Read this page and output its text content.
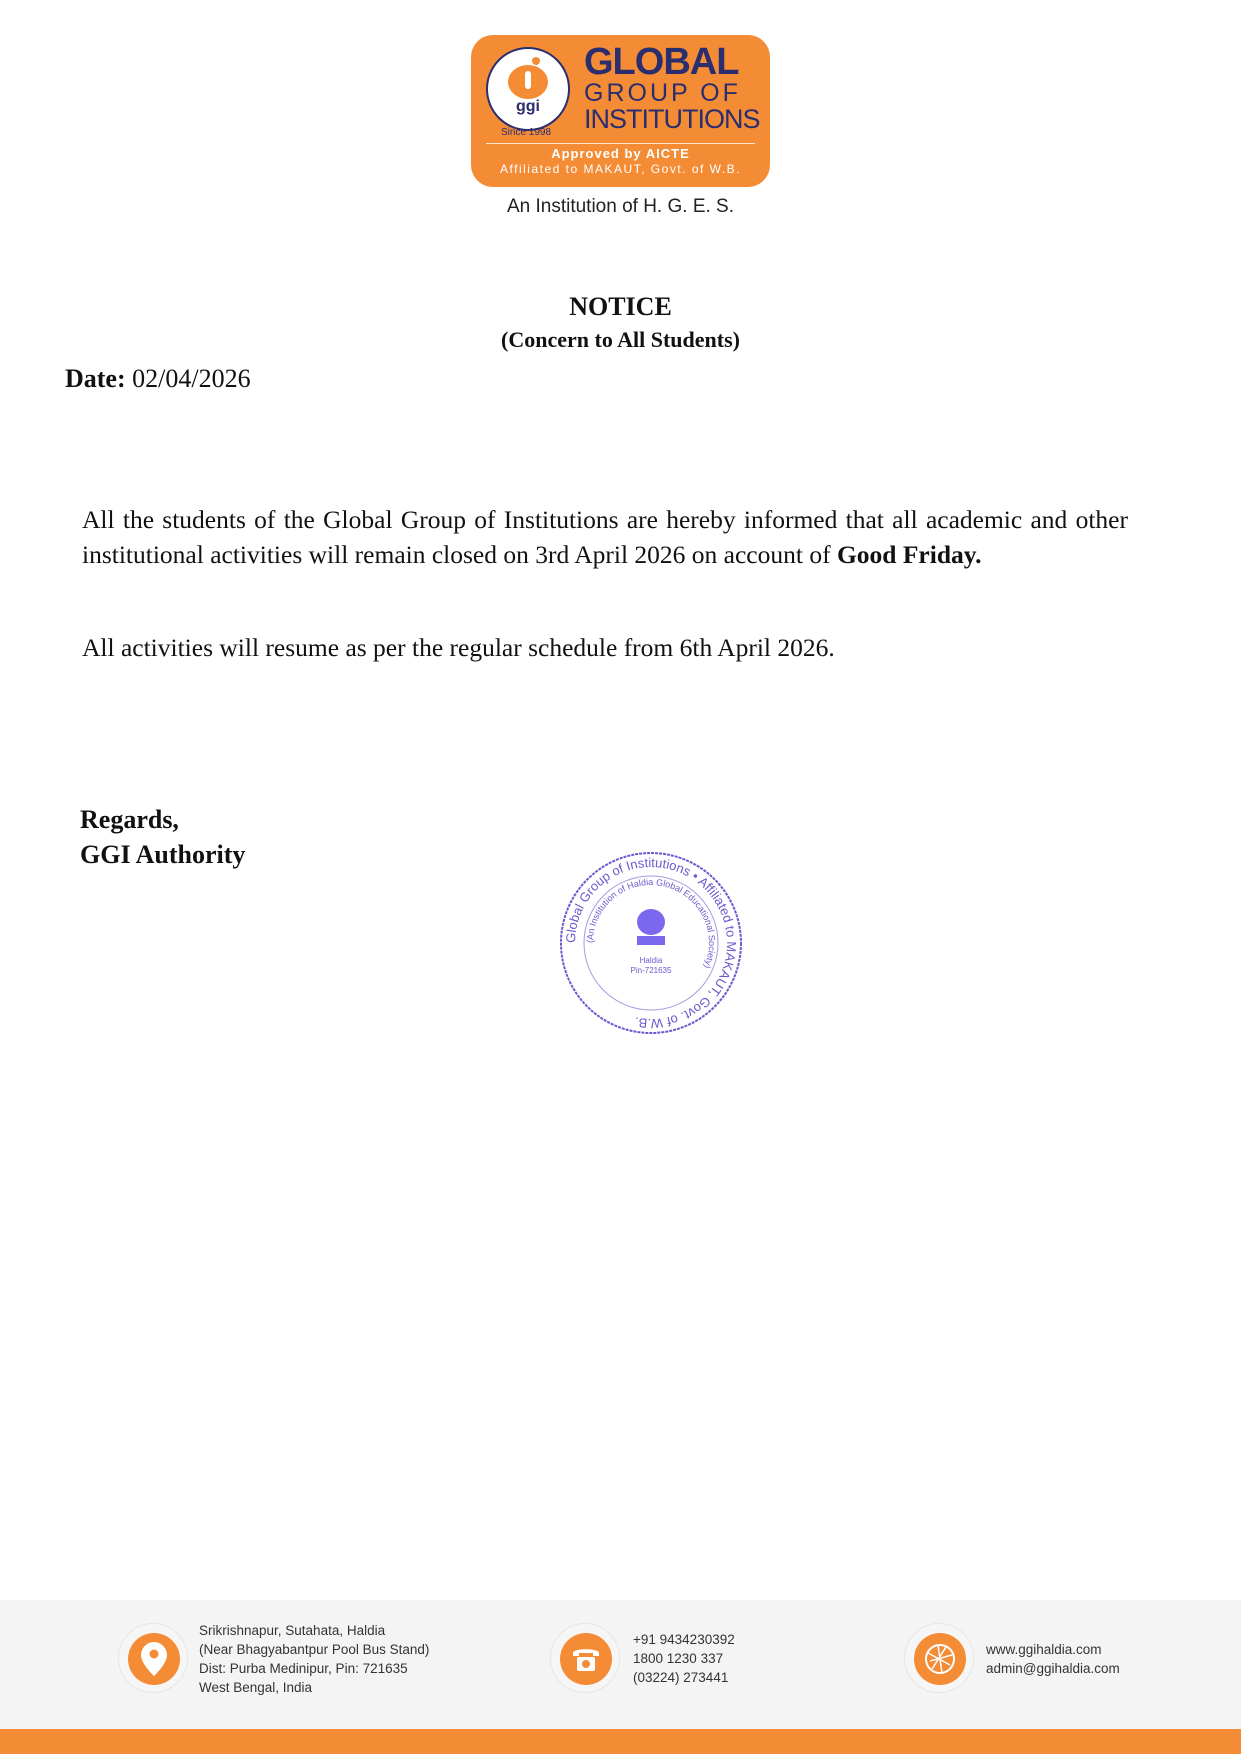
ggi
Since 1998
GLOBAL
GROUP OF
INSTITUTIONS
Approved by AICTE
Affiliated to MAKAUT, Govt. of W.B.
An Institution of H. G. E. S.
NOTICE
(Concern to All Students)
Date: 02/04/2026
All the students of the Global Group of Institutions are hereby informed that all academic and other institutional activities will remain closed on 3rd April 2026 on account of Good Friday.
All activities will resume as per the regular schedule from 6th April 2026.
Regards,
GGI Authority
Global Group of Institutions • Affiliated to MAKAUT, Govt. of W.B.
(An Institution of Haldia Global Educational Society)
Haldia
Pin-721635
Srikrishnapur, Sutahata, Haldia
(Near Bhagyabantpur Pool Bus Stand)
Dist: Purba Medinipur, Pin: 721635
West Bengal, India
+91 9434230392
1800 1230 337
(03224) 273441
www.ggihaldia.com
admin@ggihaldia.com
